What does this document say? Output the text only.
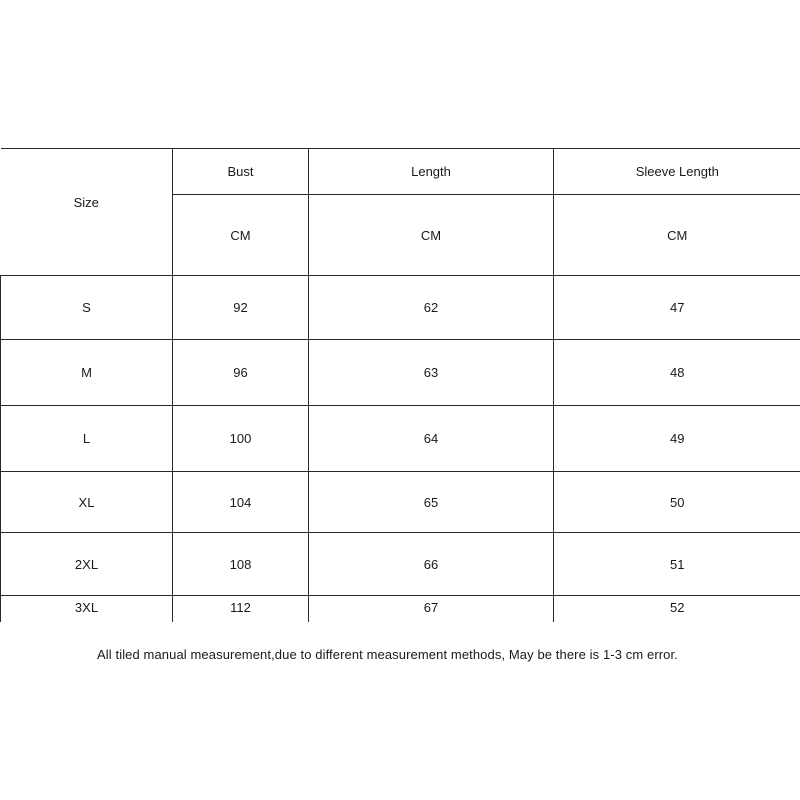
Size	Bust	Length	Sleeve Length
	CM	CM	CM
S	92	62	47
M	96	63	48
L	100	64	49
XL	104	65	50
2XL	108	66	51
3XL	112	67	52
All tiled manual measurement,due to different measurement methods, May be there is 1-3 cm error.
